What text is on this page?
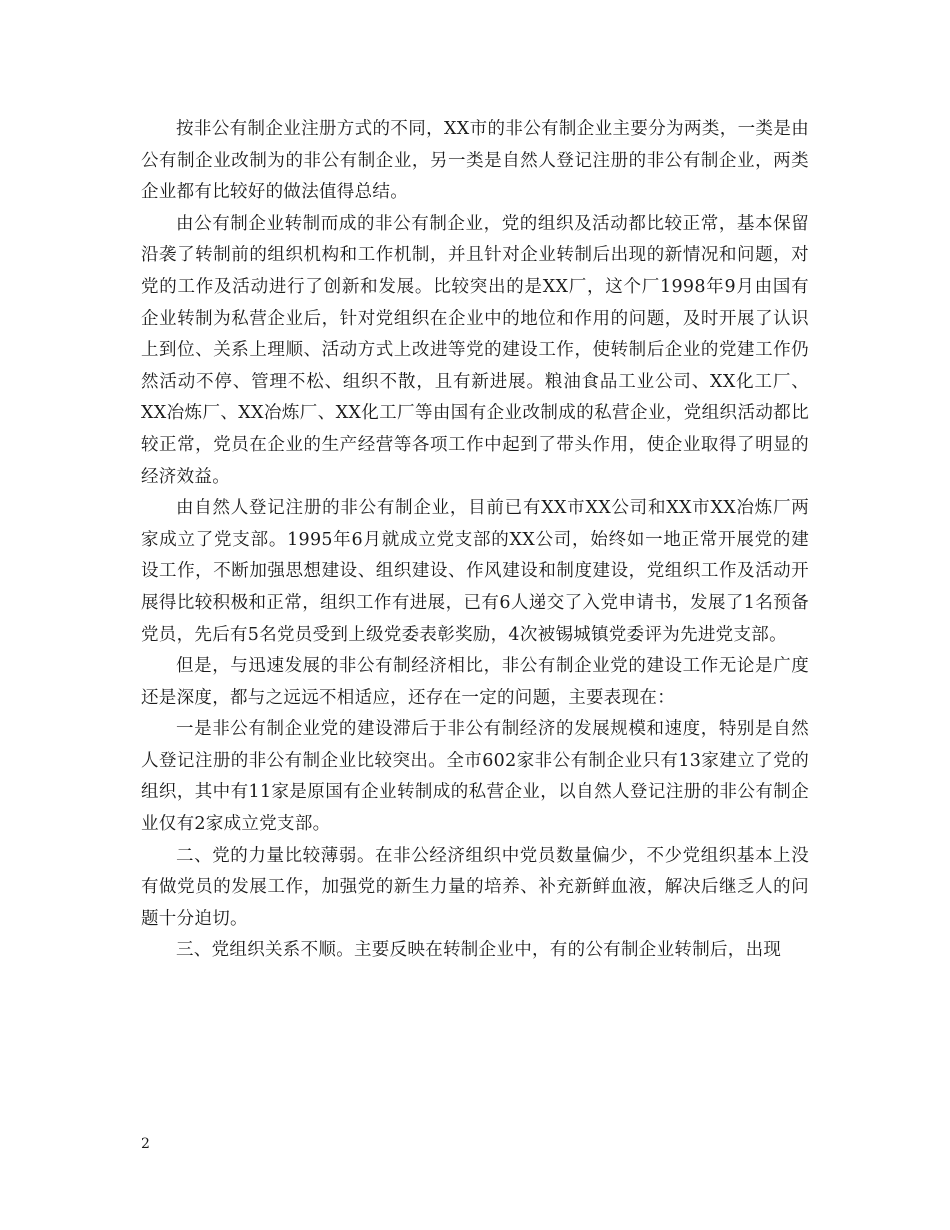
按非公有制企业注册方式的不同，XX市的非公有制企业主要分为两类，一类是由公有制企业改制为的非公有制企业，另一类是自然人登记注册的非公有制企业，两类企业都有比较好的做法值得总结。

由公有制企业转制而成的非公有制企业，党的组织及活动都比较正常，基本保留沿袭了转制前的组织机构和工作机制，并且针对企业转制后出现的新情况和问题，对党的工作及活动进行了创新和发展。比较突出的是XX厂，这个厂1998年9月由国有企业转制为私营企业后，针对党组织在企业中的地位和作用的问题，及时开展了认识上到位、关系上理顺、活动方式上改进等党的建设工作，使转制后企业的党建工作仍然活动不停、管理不松、组织不散，且有新进展。粮油食品工业公司、XX化工厂、XX冶炼厂、XX冶炼厂、XX化工厂等由国有企业改制成的私营企业，党组织活动都比较正常，党员在企业的生产经营等各项工作中起到了带头作用，使企业取得了明显的经济效益。

由自然人登记注册的非公有制企业，目前已有XX市XX公司和XX市XX冶炼厂两家成立了党支部。1995年6月就成立党支部的XX公司，始终如一地正常开展党的建设工作，不断加强思想建设、组织建设、作风建设和制度建设，党组织工作及活动开展得比较积极和正常，组织工作有进展，已有6人递交了入党申请书，发展了1名预备党员，先后有5名党员受到上级党委表彰奖励，4次被锡城镇党委评为先进党支部。

但是，与迅速发展的非公有制经济相比，非公有制企业党的建设工作无论是广度还是深度，都与之远远不相适应，还存在一定的问题，主要表现在：

一是非公有制企业党的建设滞后于非公有制经济的发展规模和速度，特别是自然人登记注册的非公有制企业比较突出。全市602家非公有制企业只有13家建立了党的组织，其中有11家是原国有企业转制成的私营企业，以自然人登记注册的非公有制企业仅有2家成立党支部。

二、党的力量比较薄弱。在非公经济组织中党员数量偏少，不少党组织基本上没有做党员的发展工作，加强党的新生力量的培养、补充新鲜血液，解决后继乏人的问题十分迫切。

三、党组织关系不顺。主要反映在转制企业中，有的公有制企业转制后，出现

2
